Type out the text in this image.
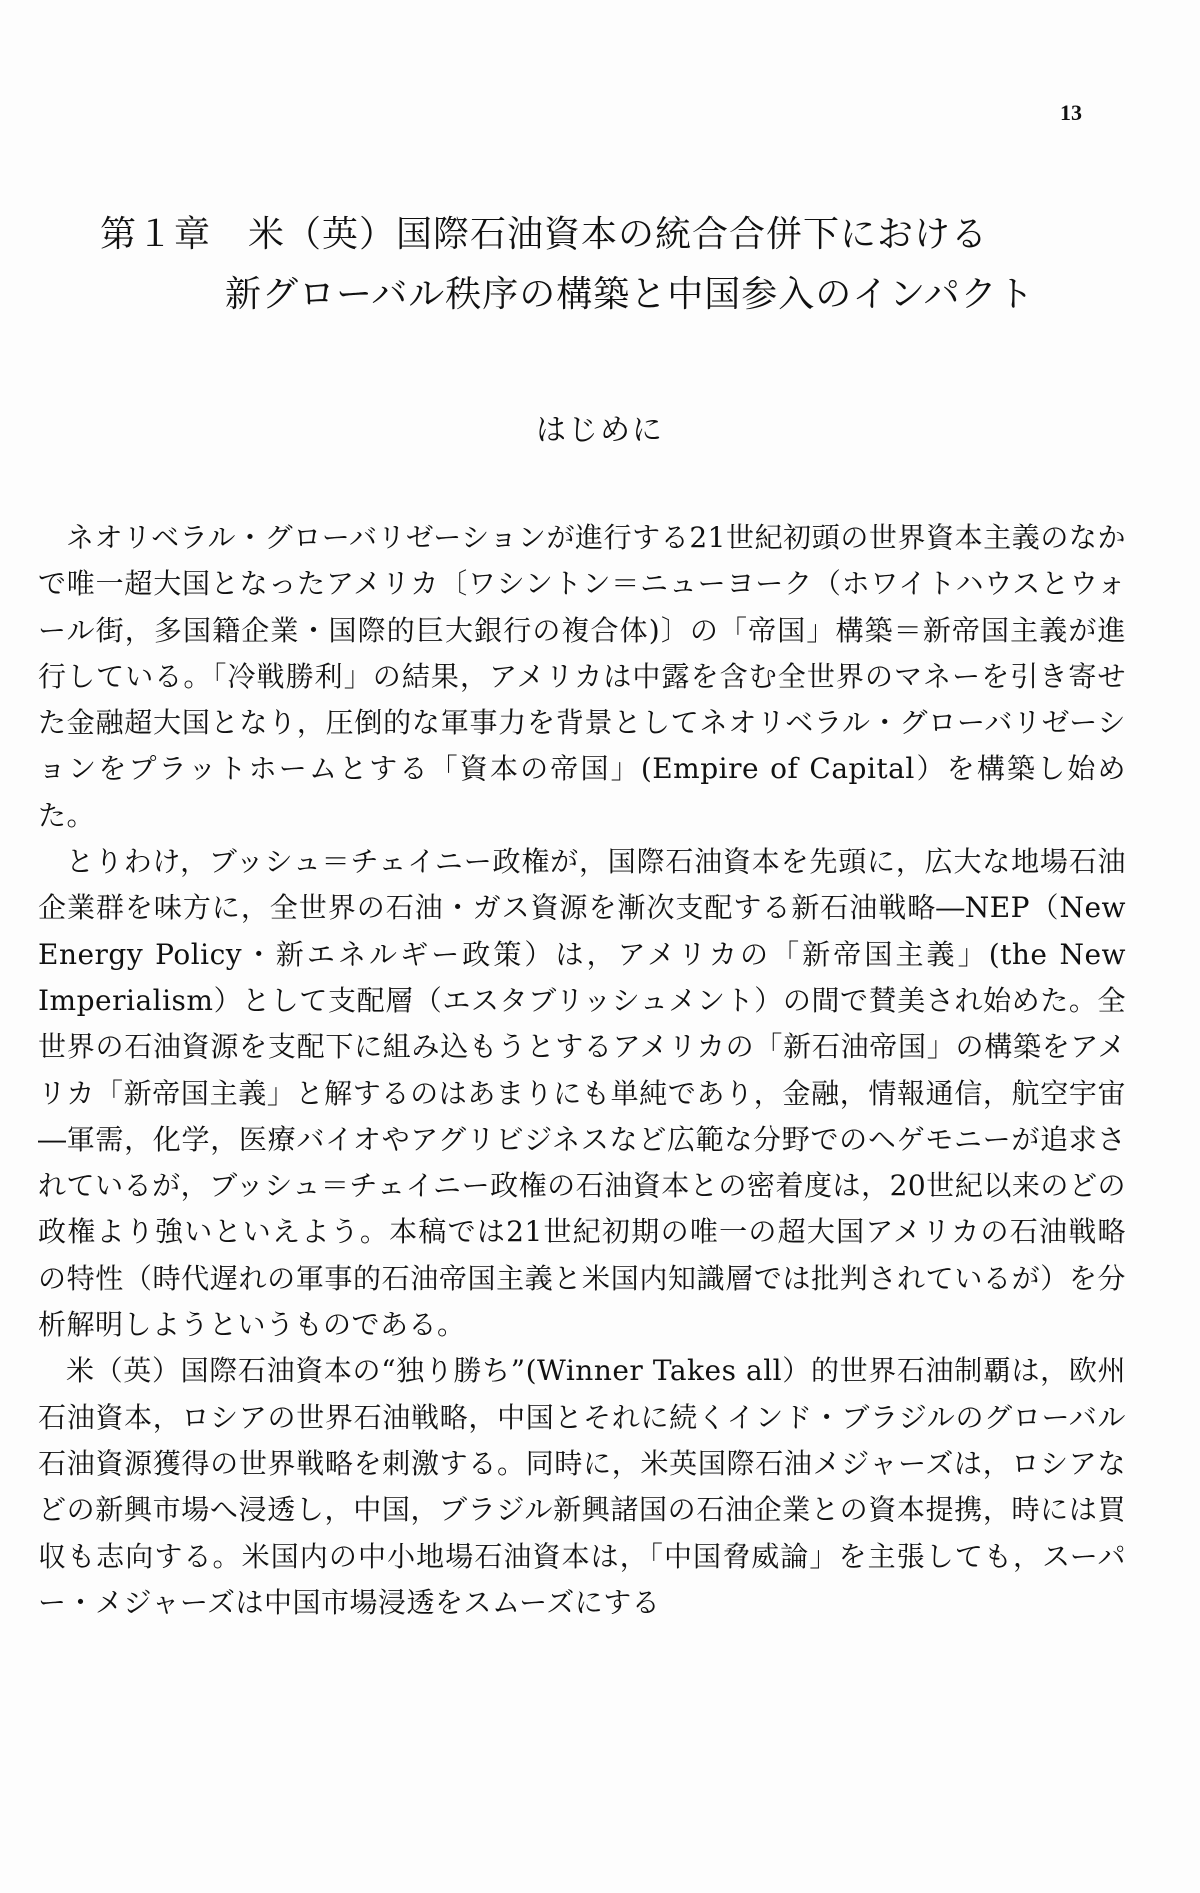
13
第１章　米（英）国際石油資本の統合合併下における
新グローバル秩序の構築と中国参入のインパクト
はじめに

ネオリベラル・グローバリゼーションが進行する21世紀初頭の世界資本主義のなかで唯一超大国となったアメリカ〔ワシントン＝ニューヨーク（ホワイトハウスとウォール街，多国籍企業・国際的巨大銀行の複合体)〕の「帝国」構築＝新帝国主義が進行している。「冷戦勝利」の結果，アメリカは中露を含む全世界のマネーを引き寄せた金融超大国となり，圧倒的な軍事力を背景としてネオリベラル・グローバリゼーションをプラットホームとする「資本の帝国」(Empire of Capital）を構築し始めた。

とりわけ，ブッシュ＝チェイニー政権が，国際石油資本を先頭に，広大な地場石油企業群を味方に，全世界の石油・ガス資源を漸次支配する新石油戦略―NEP（New Energy Policy・新エネルギー政策）は，アメリカの「新帝国主義」(the New Imperialism）として支配層（エスタブリッシュメント）の間で賛美され始めた。全世界の石油資源を支配下に組み込もうとするアメリカの「新石油帝国」の構築をアメリカ「新帝国主義」と解するのはあまりにも単純であり，金融，情報通信，航空宇宙―軍需，化学，医療バイオやアグリビジネスなど広範な分野でのヘゲモニーが追求されているが，ブッシュ＝チェイニー政権の石油資本との密着度は，20世紀以来のどの政権より強いといえよう。本稿では21世紀初期の唯一の超大国アメリカの石油戦略の特性（時代遅れの軍事的石油帝国主義と米国内知識層では批判されているが）を分析解明しようというものである。

米（英）国際石油資本の“独り勝ち”(Winner Takes all）的世界石油制覇は，欧州石油資本，ロシアの世界石油戦略，中国とそれに続くインド・ブラジルのグローバル石油資源獲得の世界戦略を刺激する。同時に，米英国際石油メジャーズは，ロシアなどの新興市場へ浸透し，中国，ブラジル新興諸国の石油企業との資本提携，時には買収も志向する。米国内の中小地場石油資本は，「中国脅威論」を主張しても，スーパー・メジャーズは中国市場浸透をスムーズにする
